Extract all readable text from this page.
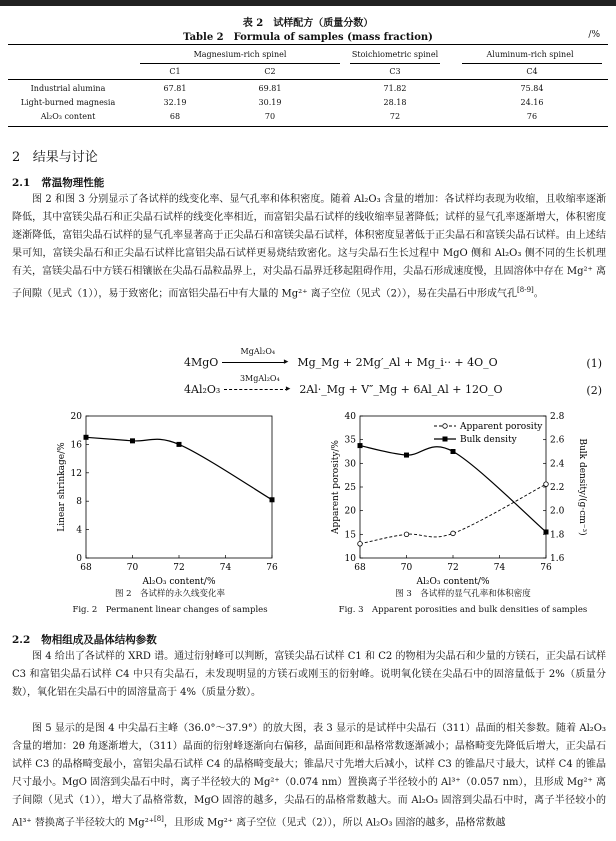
表 2　试样配方（质量分数）
Table 2　Formula of samples (mass fraction)	/%
Magnesium-rich spinel	Stoichiometric spinel	Aluminum-rich spinel
C1	C2	C3	C4
Industrial alumina	67.81	69.81	71.82	75.84
Light-burned magnesia	32.19	30.19	28.18	24.16
Al₂O₃ content	68	70	72	76
2 结果与讨论
2.1 常温物理性能
图 2 和图 3 分别显示了各试样的线变化率、显气孔率和体积密度。随着 Al₂O₃ 含量的增加：各试样均表现为收缩，且收缩率逐渐降低，其中富镁尖晶石和正尖晶石试样的线变化率相近，而富铝尖晶石试样的线收缩率显著降低；试样的显气孔率逐渐增大，体积密度逐渐降低，富铝尖晶石试样的显气孔率显著高于正尖晶石和富镁尖晶石试样，体积密度显著低于正尖晶石和富镁尖晶石试样。由上述结果可知，富镁尖晶石和正尖晶石试样比富铝尖晶石试样更易烧结致密化。这与尖晶石生长过程中 MgO 侧和 Al₂O₃ 侧不同的生长机理有关，富镁尖晶石中方镁石相镶嵌在尖晶石晶粒晶界上，对尖晶石晶界迁移起阻碍作用，尖晶石形成速度慢，且固溶体中存在 Mg²⁺ 离子间隙（见式（1）），易于致密化；而富铝尖晶石中有大量的 Mg²⁺ 离子空位（见式（2）），易在尖晶石中形成气孔[8-9]。
4MgO
MgAl₂O₄
▸ Mg_Mg + 2Mg′_Al + Mg_i·· + 4O_O	(1)
4Al₂O₃
3MgAl₂O₄
▸ 2Al·_Mg + V″_Mg + 6Al_Al + 12O_O	(2)
68	70	72	74	76
0
4
8
12
16
20
Al₂O₃ content/%
Linear shrinkage/%
图 2　各试样的永久线变化率
Fig. 2　Permanent linear changes of samples
68	70	72	74	76
10
15
20
25
30
35
40
1.6
1.8
2.0
2.2
2.4
2.6
2.8
Al₂O₃ content/%
Apparent porosity/%	Bulk density/(g·cm⁻³)
Apparent porosity
Bulk density
图 3　各试样的显气孔率和体积密度
Fig. 3　Apparent porosities and bulk densities of samples
2.2 物相组成及晶体结构参数
图 4 给出了各试样的 XRD 谱。通过衍射峰可以判断，富镁尖晶石试样 C1 和 C2 的物相为尖晶石和少量的方镁石，正尖晶石试样 C3 和富铝尖晶石试样 C4 中只有尖晶石，未发现明显的方镁石或刚玉的衍射峰。说明氧化镁在尖晶石中的固溶量低于 2%（质量分数），氧化铝在尖晶石中的固溶量高于 4%（质量分数）。
图 5 显示的是图 4 中尖晶石主峰（36.0°～37.9°）的放大图，表 3 显示的是试样中尖晶石（311）晶面的相关参数。随着 Al₂O₃ 含量的增加：2θ 角逐渐增大，（311）晶面的衍射峰逐渐向右偏移，晶面间距和晶格常数逐渐减小；晶格畸变先降低后增大，正尖晶石试样 C3 的晶格畸变最小，富铝尖晶石试样 C4 的晶格畸变最大；锥晶尺寸先增大后减小，试样 C3 的锥晶尺寸最大，试样 C4 的锥晶尺寸最小。MgO 固溶到尖晶石中时，离子半径较大的 Mg²⁺（0.074 nm）置换离子半径较小的 Al³⁺（0.057 nm），且形成 Mg²⁺ 离子间隙（见式（1）），增大了晶格常数，MgO 固溶的越多，尖晶石的晶格常数越大。而 Al₂O₃ 固溶到尖晶石中时，离子半径较小的 Al³⁺ 替换离子半径较大的 Mg²⁺[8]，且形成 Mg²⁺ 离子空位（见式（2）），所以 Al₂O₃ 固溶的越多，晶格常数越
